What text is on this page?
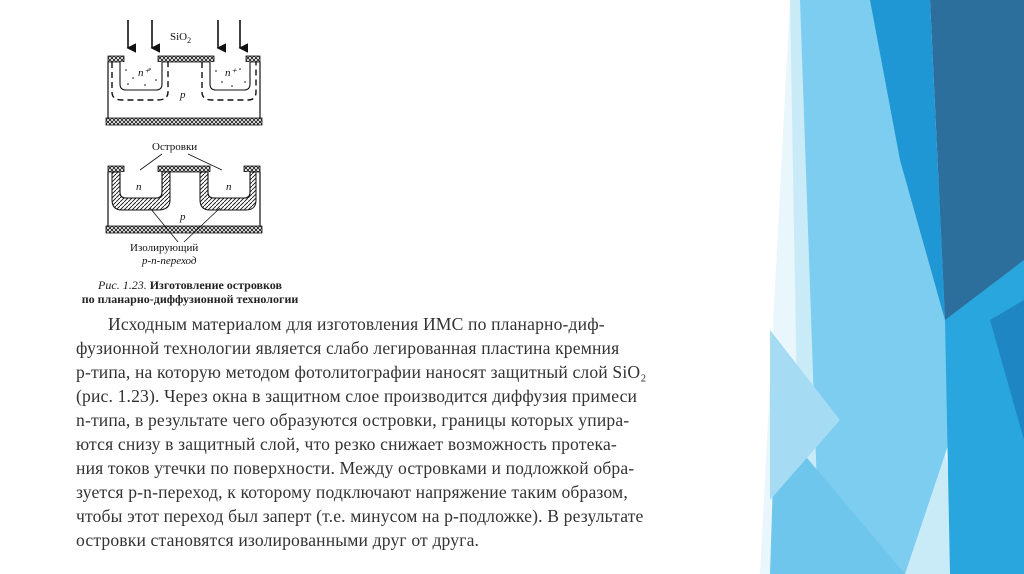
SiO$_2$
n⁺	n⁺
p
Островки
n	n
p
Изолирующий
p-n-переход
Рис. 1.23. Изготовление островков
по планарно-диффузионной технологии
Исходным материалом для изготовления ИМС по планарно-диф-
фузионной технологии является слабо легированная пластина кремния
p-типа, на которую методом фотолитографии наносят защитный слой SiO₂
(рис. 1.23). Через окна в защитном слое производится диффузия примеси
n-типа, в результате чего образуются островки, границы которых упира-
ются снизу в защитный слой, что резко снижает возможность протека-
ния токов утечки по поверхности. Между островками и подложкой обра-
зуется p-n-переход, к которому подключают напряжение таким образом,
чтобы этот переход был заперт (т.е. минусом на p-подложке). В результате
островки становятся изолированными друг от друга.
